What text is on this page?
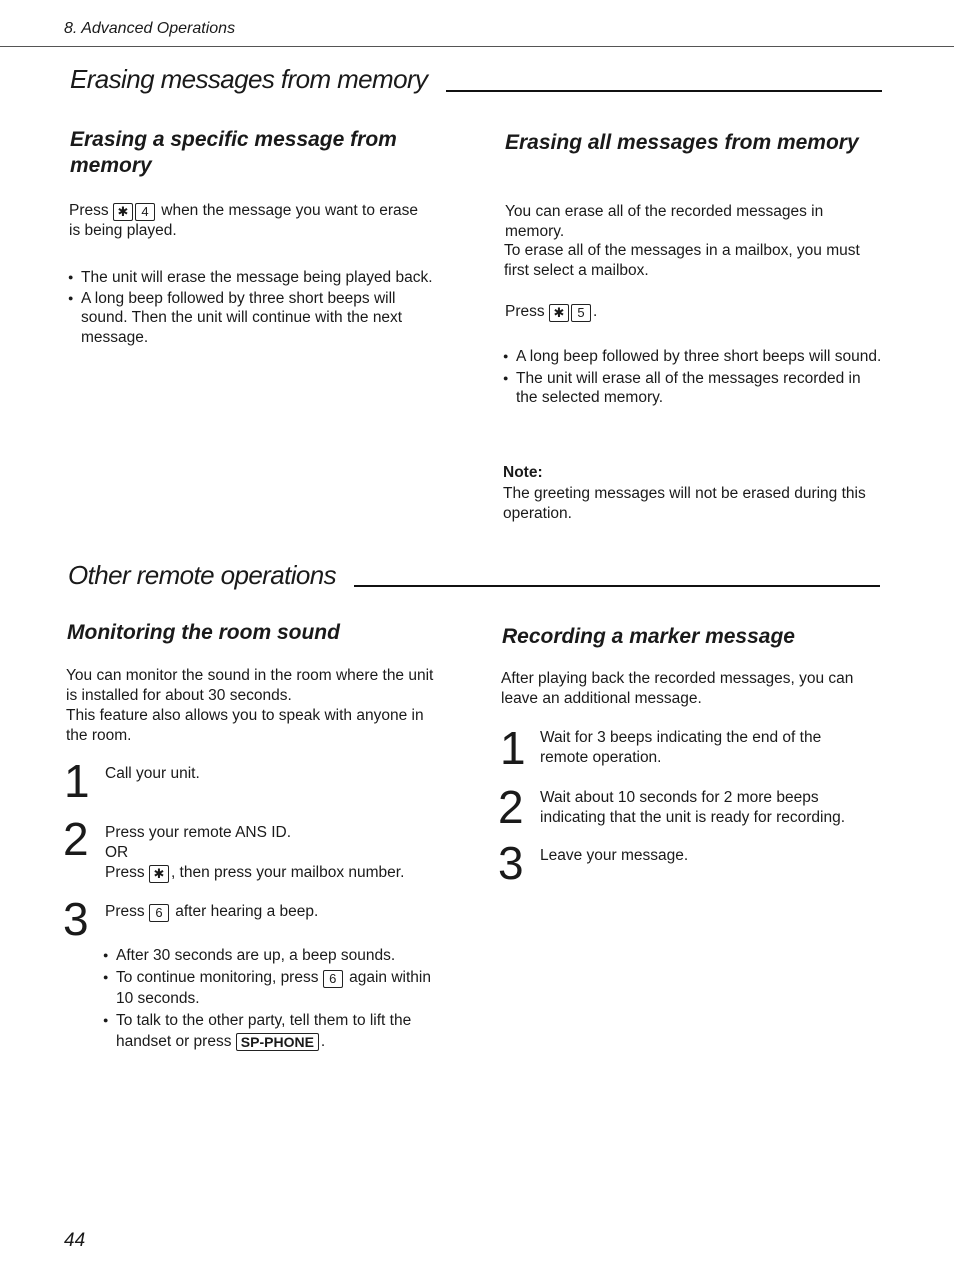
8. Advanced Operations
Erasing messages from memory
Erasing a specific message from memory
Press ✱ 4 when the message you want to erase is being played.
● The unit will erase the message being played back.
● A long beep followed by three short beeps will sound. Then the unit will continue with the next message.
Erasing all messages from memory
You can erase all of the recorded messages in memory.
To erase all of the messages in a mailbox, you must first select a mailbox.
Press ✱ 5 .
● A long beep followed by three short beeps will sound.
● The unit will erase all of the messages recorded in the selected memory.
Note:
The greeting messages will not be erased during this operation.
Other remote operations
Monitoring the room sound
You can monitor the sound in the room where the unit is installed for about 30 seconds.
This feature also allows you to speak with anyone in the room.
1 Call your unit.
2 Press your remote ANS ID.
OR
Press ✱ , then press your mailbox number.
3 Press 6 after hearing a beep.
● After 30 seconds are up, a beep sounds.
● To continue monitoring, press 6 again within 10 seconds.
● To talk to the other party, tell them to lift the handset or press SP-PHONE .
Recording a marker message
After playing back the recorded messages, you can leave an additional message.
1 Wait for 3 beeps indicating the end of the remote operation.
2 Wait about 10 seconds for 2 more beeps indicating that the unit is ready for recording.
3 Leave your message.
44
